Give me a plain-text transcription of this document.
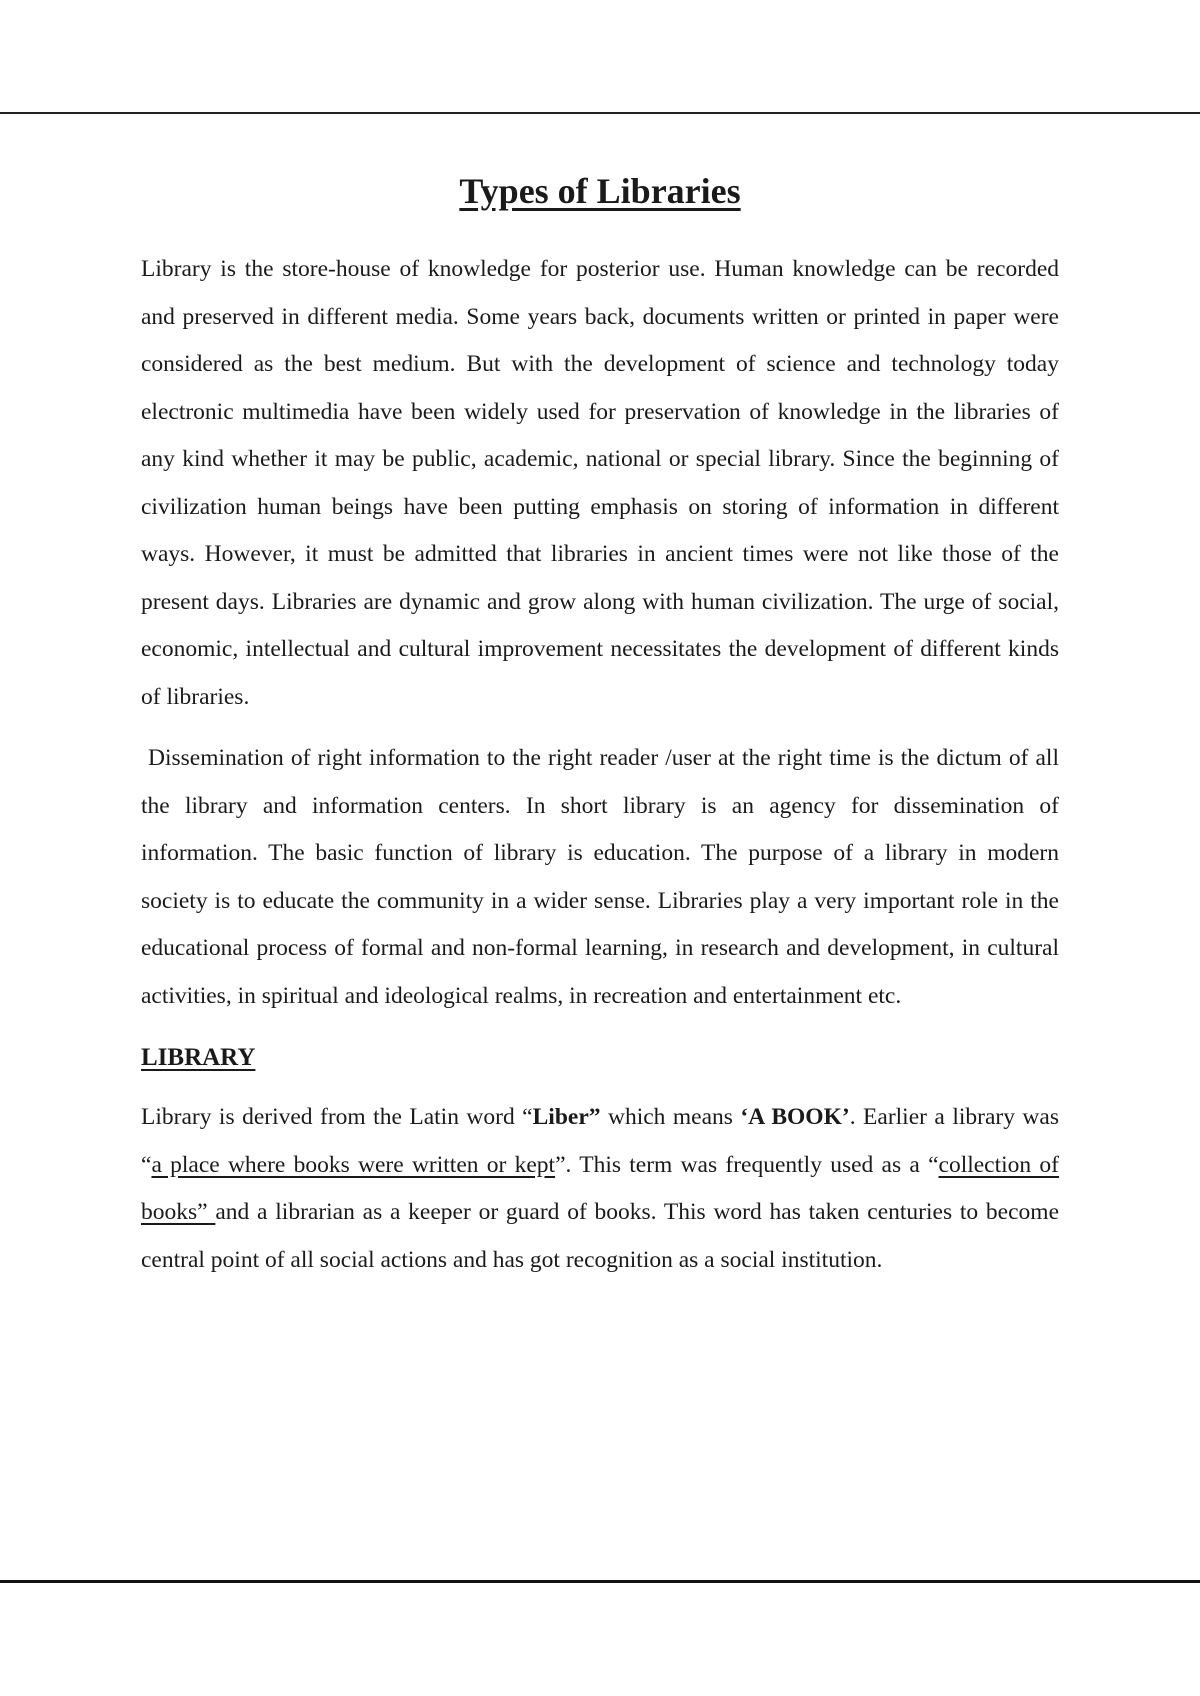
Types of Libraries

Library is the store-house of knowledge for posterior use. Human knowledge can be recorded and preserved in different media. Some years back, documents written or printed in paper were considered as the best medium. But with the development of science and technology today electronic multimedia have been widely used for preservation of knowledge in the libraries of any kind whether it may be public, academic, national or special library. Since the beginning of civilization human beings have been putting emphasis on storing of information in different ways. However, it must be admitted that libraries in ancient times were not like those of the present days. Libraries are dynamic and grow along with human civilization. The urge of social, economic, intellectual and cultural improvement necessitates the development of different kinds of libraries.

Dissemination of right information to the right reader /user at the right time is the dictum of all the library and information centers. In short library is an agency for dissemination of information. The basic function of library is education. The purpose of a library in modern society is to educate the community in a wider sense. Libraries play a very important role in the educational process of formal and non-formal learning, in research and development, in cultural activities, in spiritual and ideological realms, in recreation and entertainment etc.

LIBRARY

Library is derived from the Latin word “Liber” which means ‘A BOOK’. Earlier a library was “a place where books were written or kept”. This term was frequently used as a “collection of books” and a librarian as a keeper or guard of books. This word has taken centuries to become central point of all social actions and has got recognition as a social institution.
